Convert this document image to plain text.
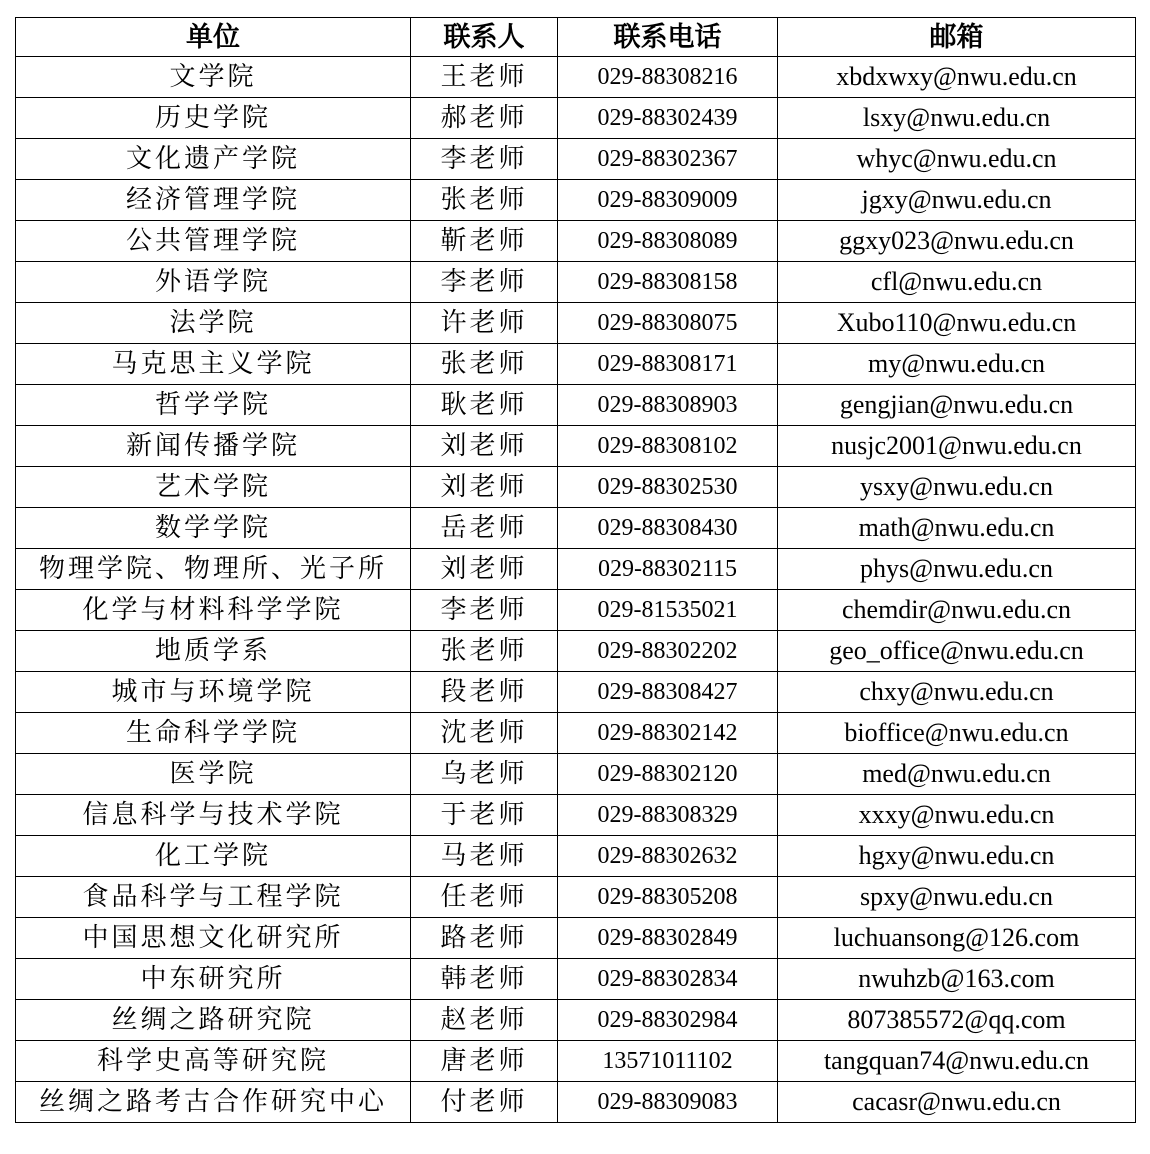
单位	联系人	联系电话	邮箱
文学院	王老师	029-88308216	xbdxwxy@nwu.edu.cn
历史学院	郝老师	029-88302439	lsxy@nwu.edu.cn
文化遗产学院	李老师	029-88302367	whyc@nwu.edu.cn
经济管理学院	张老师	029-88309009	jgxy@nwu.edu.cn
公共管理学院	靳老师	029-88308089	ggxy023@nwu.edu.cn
外语学院	李老师	029-88308158	cfl@nwu.edu.cn
法学院	许老师	029-88308075	Xubo110@nwu.edu.cn
马克思主义学院	张老师	029-88308171	my@nwu.edu.cn
哲学学院	耿老师	029-88308903	gengjian@nwu.edu.cn
新闻传播学院	刘老师	029-88308102	nusjc2001@nwu.edu.cn
艺术学院	刘老师	029-88302530	ysxy@nwu.edu.cn
数学学院	岳老师	029-88308430	math@nwu.edu.cn
物理学院、物理所、光子所	刘老师	029-88302115	phys@nwu.edu.cn
化学与材料科学学院	李老师	029-81535021	chemdir@nwu.edu.cn
地质学系	张老师	029-88302202	geo_office@nwu.edu.cn
城市与环境学院	段老师	029-88308427	chxy@nwu.edu.cn
生命科学学院	沈老师	029-88302142	bioffice@nwu.edu.cn
医学院	乌老师	029-88302120	med@nwu.edu.cn
信息科学与技术学院	于老师	029-88308329	xxxy@nwu.edu.cn
化工学院	马老师	029-88302632	hgxy@nwu.edu.cn
食品科学与工程学院	任老师	029-88305208	spxy@nwu.edu.cn
中国思想文化研究所	路老师	029-88302849	luchuansong@126.com
中东研究所	韩老师	029-88302834	nwuhzb@163.com
丝绸之路研究院	赵老师	029-88302984	807385572@qq.com
科学史高等研究院	唐老师	13571011102	tangquan74@nwu.edu.cn
丝绸之路考古合作研究中心	付老师	029-88309083	cacasr@nwu.edu.cn
